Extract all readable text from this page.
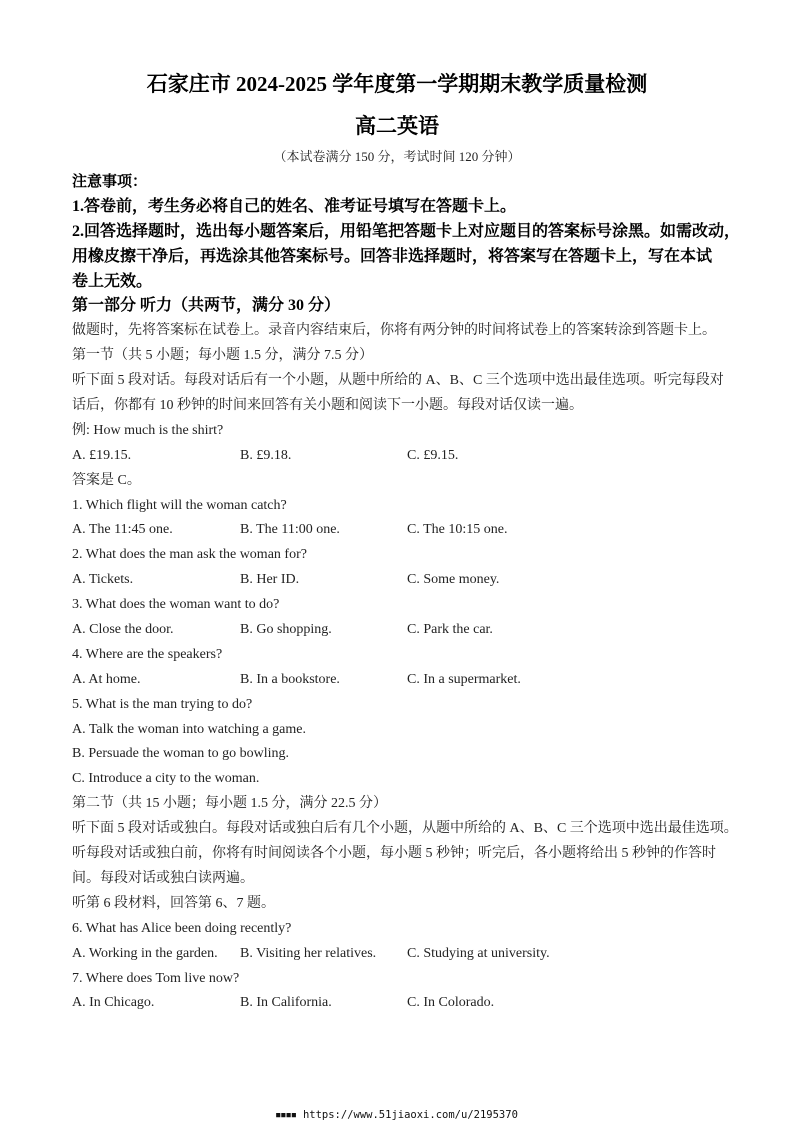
石家庄市 2024-2025 学年度第一学期期末教学质量检测
高二英语
（本试卷满分 150 分，考试时间 120 分钟）
注意事项：
1.答卷前，考生务必将自己的姓名、准考证号填写在答题卡上。
2.回答选择题时，选出每小题答案后，用铅笔把答题卡上对应题目的答案标号涂黑。如需改动，
用橡皮擦干净后，再选涂其他答案标号。回答非选择题时，将答案写在答题卡上，写在本试
卷上无效。
第一部分 听力（共两节，满分 30 分）
做题时，先将答案标在试卷上。录音内容结束后，你将有两分钟的时间将试卷上的答案转涂到答题卡上。
第一节（共 5 小题；每小题 1.5 分，满分 7.5 分）
听下面 5 段对话。每段对话后有一个小题，从题中所给的 A、B、C 三个选项中选出最佳选项。听完每段对
话后，你都有 10 秒钟的时间来回答有关小题和阅读下一小题。每段对话仅读一遍。
例: How much is the shirt?
A. £19.15.	B. £9.18.	C. £9.15.
答案是 C。
1. Which flight will the woman catch?
A. The 11:45 one.	B. The 11:00 one.	C. The 10:15 one.
2. What does the man ask the woman for?
A. Tickets.	B. Her ID.	C. Some money.
3. What does the woman want to do?
A. Close the door.	B. Go shopping.	C. Park the car.
4. Where are the speakers?
A. At home.	B. In a bookstore.	C. In a supermarket.
5. What is the man trying to do?
A. Talk the woman into watching a game.
B. Persuade the woman to go bowling.
C. Introduce a city to the woman.
第二节（共 15 小题；每小题 1.5 分，满分 22.5 分）
听下面 5 段对话或独白。每段对话或独白后有几个小题，从题中所给的 A、B、C 三个选项中选出最佳选项。
听每段对话或独白前，你将有时间阅读各个小题，每小题 5 秒钟；听完后，各小题将给出 5 秒钟的作答时
间。每段对话或独白读两遍。
听第 6 段材料，回答第 6、7 题。
6. What has Alice been doing recently?
A. Working in the garden.	B. Visiting her relatives.	C. Studying at university.
7. Where does Tom live now?
A. In Chicago.	B. In California.	C. In Colorado.
■■■■ https://www.51jiaoxi.com/u/2195370
